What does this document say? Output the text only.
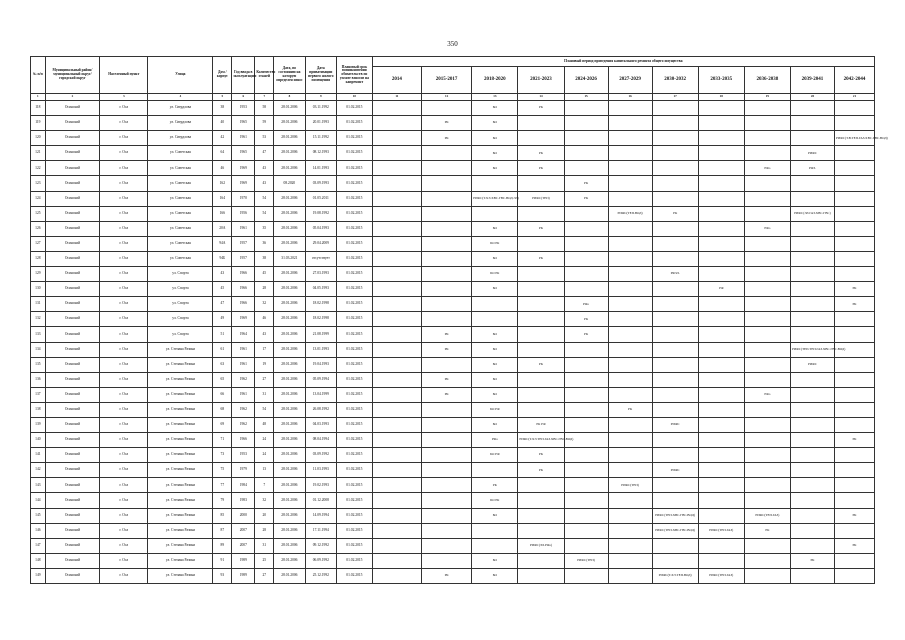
350
№ п/п	Муниципальный район/муниципальный округ/городской округ	Населенный пункт	Улица	Дом / корпус	Год ввода в эксплуатацию	Количество этажей	Дата, по состоянию на которую определен износ	Дата приватизации первого жилого помещения	Плановый срок возникновения обязательств по уплате взносов на капремонт	Плановый период проведения капитального ремонта общего имущества										
										2014	2015-2017	2018-2020	2021-2023	2024-2026	2027-2029	2030-2032	2033-2035	2036-2038	2039-2041	2042-2044
1	2	3	4	5	6	7	8	9	10	11	12	13	14	15	16	17	18	19	20	21
118	Осинский	г. Оса	ул. Свердлова	38	1953	58	28.01.2006	03.11.1992	01.02.2015			БО	РК							
119	Осинский	г. Оса	ул. Свердлова	40	1965	59	28.01.2006	20.01.1993	01.02.2015		РК	БО								
120	Осинский	г. Оса	ул. Свердлова	42	1961	53	28.01.2006	15.11.1992	01.02.2015		РК	БО								РИФС(Т.В.ТЕП.ГАЗ.ХВС.ГВС.ВОД)
121	Осинский	г. Оса	ул. Советская	64	1965	47	28.01.2006	08.12.1993	01.02.2015			БО	РК						РИФС	
122	Осинский	г. Оса	ул. Советская	46	1969	43	28.01.2006	14.01.1993	01.02.2015			БО	РК					РФо	РФЗ.	
123	Осинский	г. Оса	ул. Советская	162	1969	43	08.2020	03.09.1993	01.02.2015					РК						
124	Осинский	г. Оса	ул. Советская	164	1970	54	28.01.2006	01.05.2011	01.02.2015			РИФС(Т.ХЭ.ХВС.ГВС.ВОД.ЭЛ)	РИФС(ТЕП)	РК						
125	Осинский	г. Оса	ул. Советская	166	1956	54	28.01.2006	19.08.1992	01.02.2015						РИФС(ТЕП.ВОД)	РК			РИФС(ЭЛ.ГАЗ.ХВС.ГВС)	
126	Осинский	г. Оса	ул. Советская	20А	1961	35	28.01.2006	05.04.1993	01.02.2015			БО	РК					РФо		
127	Осинский	г. Оса	ул. Советская	94А	1957	36	28.01.2006	29.04.2009	01.02.2015			БО РК								
128	Осинский	г. Оса	ул. Советская	94Б	1957	38	31.03.2021	отсутствует	01.02.2015			БО	РК							
129	Осинский	г. Оса	ул. Спорта	43	1966	45	28.01.2006	27.03.1993	01.02.2015			БО РК				РФЗЛ.				
130	Осинский	г. Оса	ул. Спорта	45	1966	28	28.01.2006	04.05.1993	01.02.2015			БО					РФ			РК
131	Осинский	г. Оса	ул. Спорта	47	1966	32	28.01.2006	18.02.1998	01.02.2015					РФо						РК
132	Осинский	г. Оса	ул. Спорта	49	1969	46	28.01.2006	18.02.1998	01.02.2015					РК						
133	Осинский	г. Оса	ул. Спорта	51	1964	43	28.01.2006	21.08.1999	01.02.2015		РК	БО		РК						
134	Осинский	г. Оса	ул. Степана Разина	61	1961	17	28.01.2006	13.01.1993	01.02.2015		РК	БО							РИФС(ТЕП.ТЕП.ГАЗ.ХВС.ГВС.ВОД)	
135	Осинский	г. Оса	ул. Степана Разина	63	1961	19	28.01.2006	19.04.1993	01.02.2015			БО	РК						РИФС	
136	Осинский	г. Оса	ул. Степана Разина	65	1962	27	28.01.2006	05.09.1994	01.02.2015		РК	БО								
137	Осинский	г. Оса	ул. Степана Разина	66	1961	31	28.01.2006	13.04.1999	01.02.2015		РК	БО						РФо		
138	Осинский	г. Оса	ул. Степана Разина	68	1962	54	28.01.2006	26.08.1992	01.02.2015			БО РФ			РК					
139	Осинский	г. Оса	ул. Степана Разина	69	1962	48	28.01.2006	04.03.1993	01.02.2015			БО	РК РФ			РИФС				
140	Осинский	г. Оса	ул. Степана Разина	71	1966	24	28.01.2006	08.04.1994	01.02.2015			РФо	РИФС(Т.ХЭ.ТЕП.ГАЗ.ХВС.ГВС.ВОД)							РК
141	Осинский	г. Оса	ул. Степана Разина	73	1953	24	28.01.2006	03.09.1992	01.02.2015			БО РФ	РК							
142	Осинский	г. Оса	ул. Степана Разина	75	1979	13	28.01.2006	11.03.1993	01.02.2015				РК			РИФС				
143	Осинский	г. Оса	ул. Степана Разина	77	1984	7	28.01.2006	19.02.1993	01.02.2015			РК			РИФС(ТЕП)					
144	Осинский	г. Оса	ул. Степана Разина	79	1983	32	28.01.2006	01.12.2008	01.02.2015			БО РК								
145	Осинский	г. Оса	ул. Степана Разина	85	2000	20	28.01.2006	14.09.1994	01.02.2015			БО				РИФС(ТЕП.ХВС.ГВС.ВОД)		РИФС(ТЕП.ГАЗ)		РК
146	Осинский	г. Оса	ул. Степана Разина	87	2007	28	28.01.2006	17.11.1994	01.02.2015							РИФС(ТЕП.ХВС.ГВС.ВОД)	РИФС(ТЕП.ГАЗ)	РК		
147	Осинский	г. Оса	ул. Степана Разина	89	2007	31	28.01.2006	09.12.1992	01.02.2015				РИФС(ЭЛ.РФо)							РК
148	Осинский	г. Оса	ул. Степана Разина	91	1989	25	28.01.2006	06.09.1992	01.02.2015			БО		РИФС(ТЕП)					РК	
149	Осинский	г. Оса	ул. Степана Разина	93	1989	27	28.01.2006	25.12.1992	01.02.2015		РК	БО				РИФС(Т.ХЭ.ТЕП.ВОД)	РИФС(ТЕП.ГАЗ)			
